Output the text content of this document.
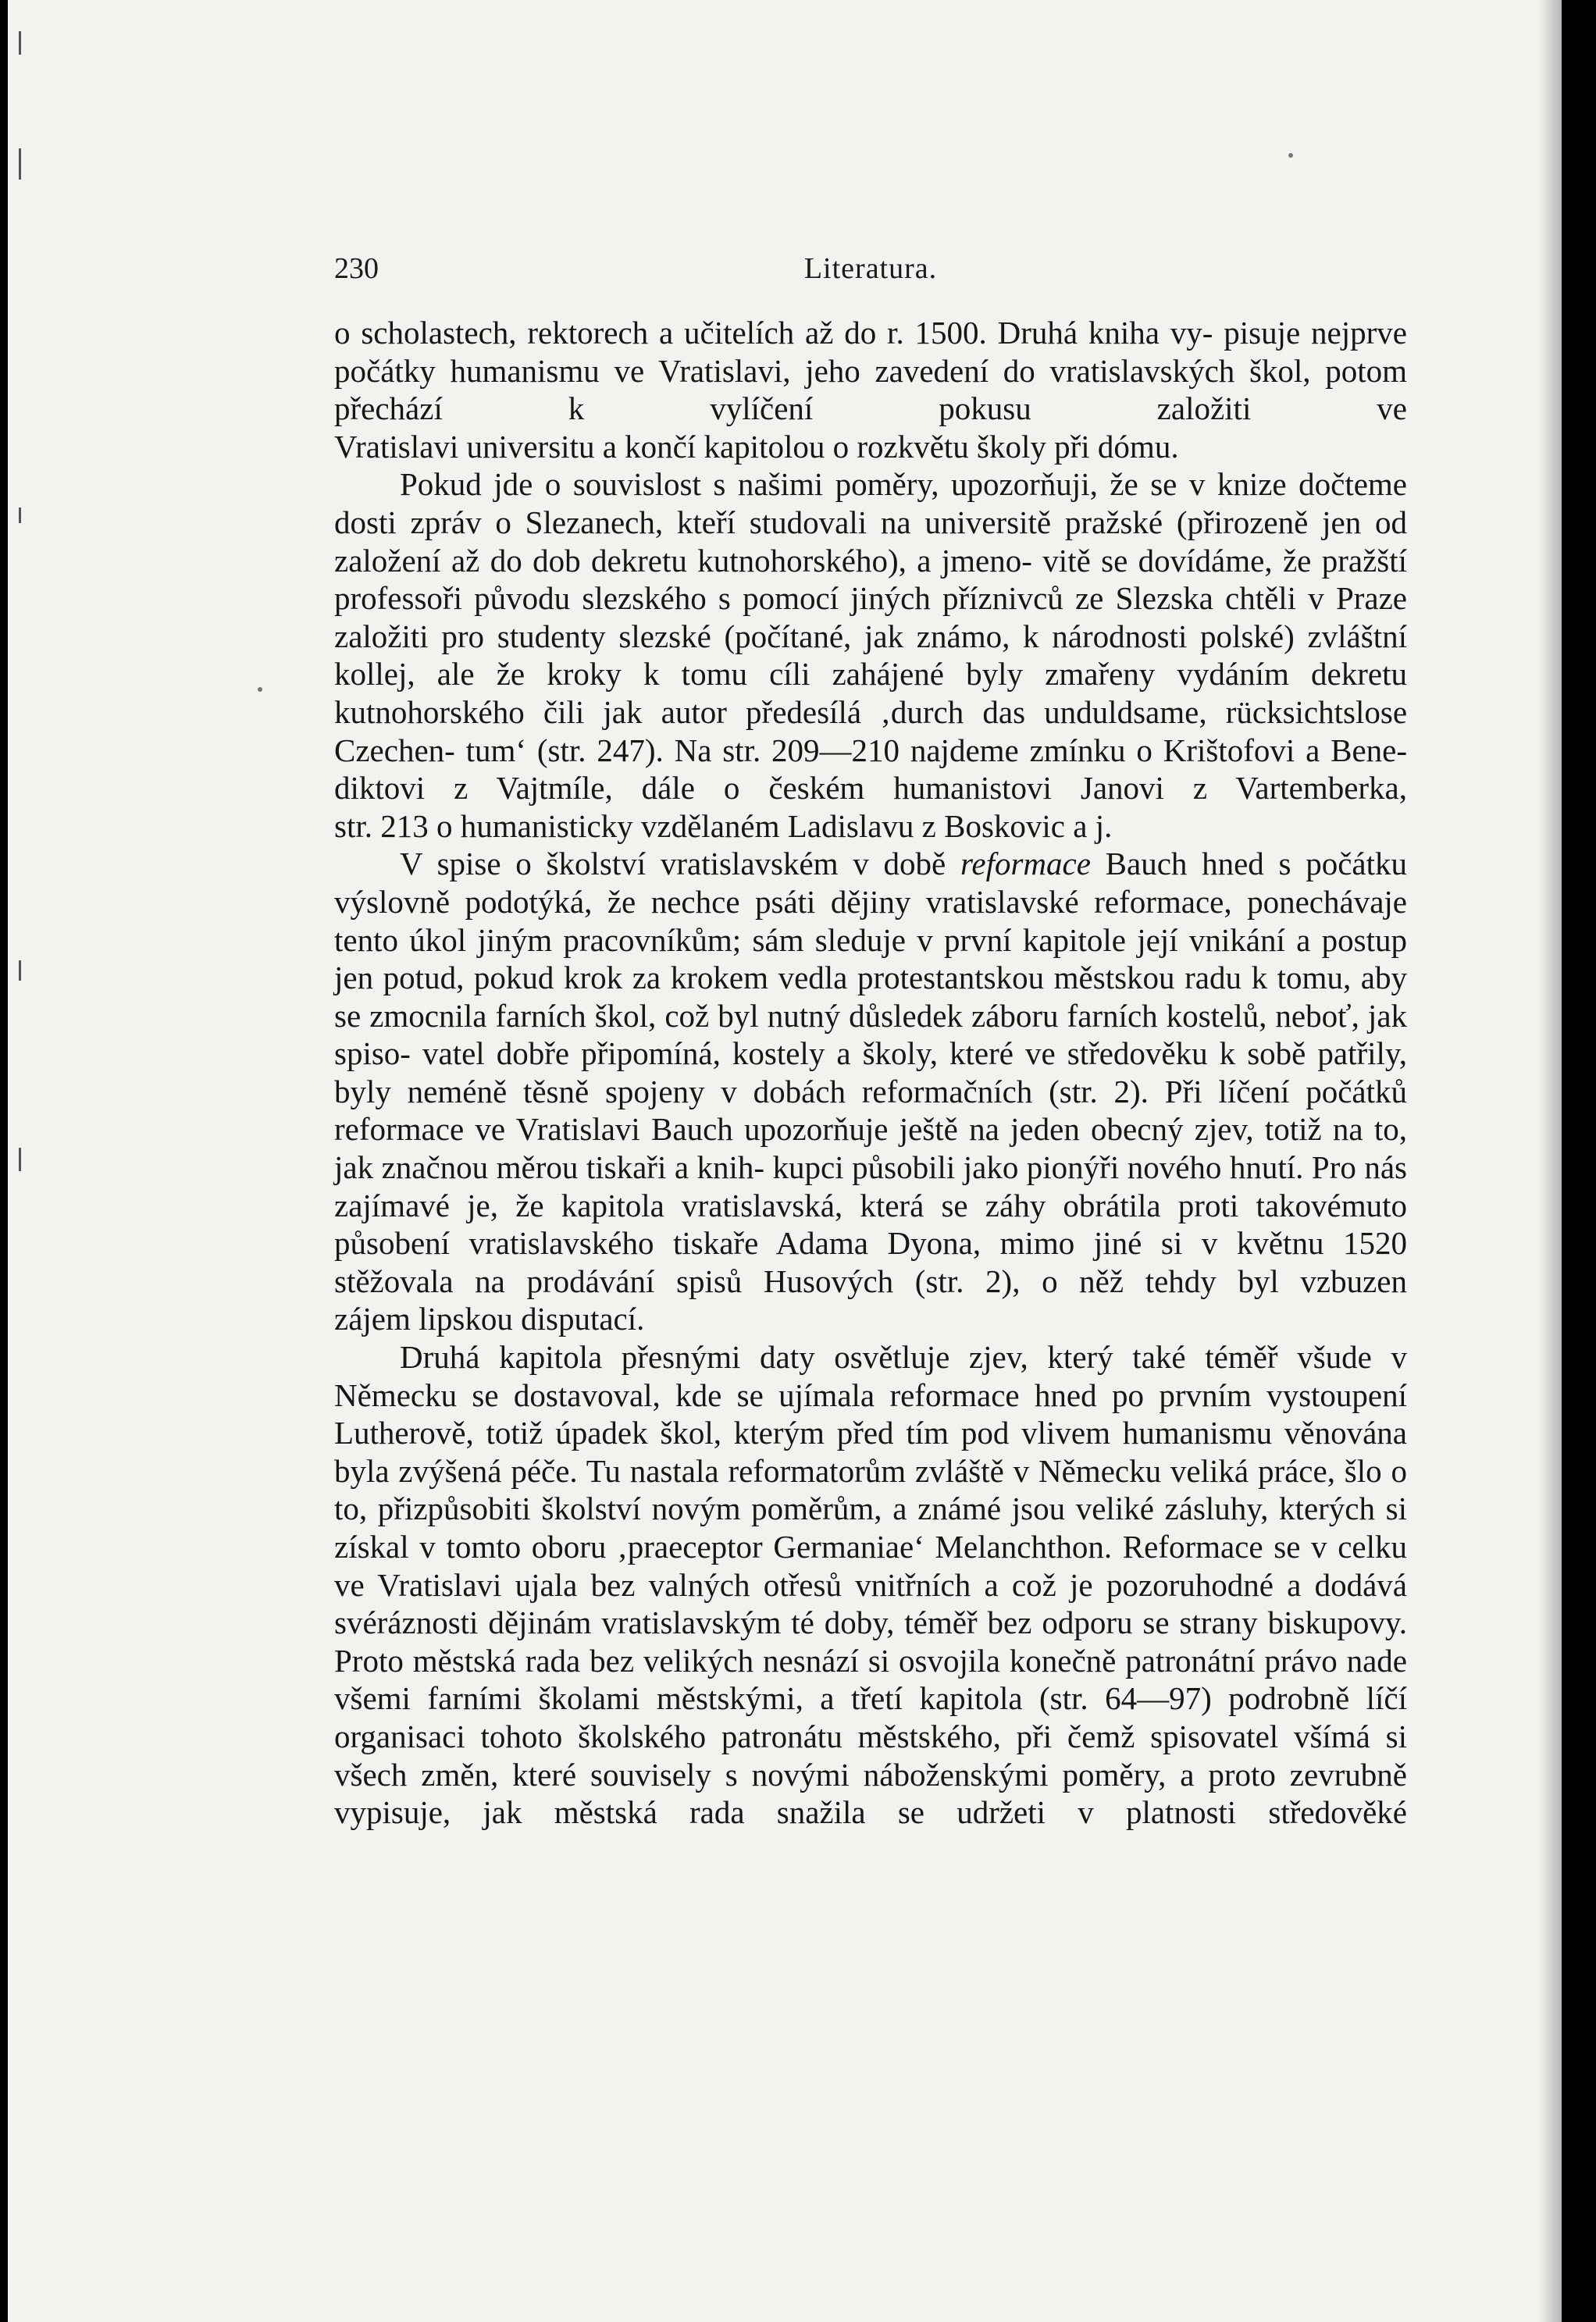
230	Literatura.

o scholastech, rektorech a učitelích až do r. 1500. Druhá kniha vy- pisuje nejprve počátky humanismu ve Vratislavi, jeho zavedení do vratislavských škol, potom přechází k vylíčení pokusu založiti ve

Vratislavi universitu a končí kapitolou o rozkvětu školy při dómu.

Pokud jde o souvislost s našimi poměry, upozorňuji, že se v knize dočteme dosti zpráv o Slezanech, kteří studovali na universitě pražské (přirozeně jen od založení až do dob dekretu kutnohorského), a jmeno- vitě se dovídáme, že pražští professoři původu slezského s pomocí jiných příznivců ze Slezska chtěli v Praze založiti pro studenty slezské (počítané, jak známo, k národnosti polské) zvláštní kollej, ale že kroky k tomu cíli zahájené byly zmařeny vydáním dekretu kutnohorského čili jak autor předesílá ‚durch das unduldsame, rücksichtslose Czechen- tum‘ (str. 247). Na str. 209—210 najdeme zmínku o Krištofovi a Bene- diktovi z Vajtmíle, dále o českém humanistovi Janovi z Vartemberka,

str. 213 o humanisticky vzdělaném Ladislavu z Boskovic a j.

V spise o školství vratislavském v době reformace Bauch hned s počátku výslovně podotýká, že nechce psáti dějiny vratislavské reformace, ponechávaje tento úkol jiným pracovníkům; sám sleduje v první kapitole její vnikání a postup jen potud, pokud krok za krokem vedla protestantskou městskou radu k tomu, aby se zmocnila farních škol, což byl nutný důsledek záboru farních kostelů, neboť, jak spiso- vatel dobře připomíná, kostely a školy, které ve středověku k sobě patřily, byly neméně těsně spojeny v dobách reformačních (str. 2). Při líčení počátků reformace ve Vratislavi Bauch upozorňuje ještě na jeden obecný zjev, totiž na to, jak značnou měrou tiskaři a knih- kupci působili jako pionýři nového hnutí. Pro nás zajímavé je, že kapitola vratislavská, která se záhy obrátila proti takovémuto působení vratislavského tiskaře Adama Dyona, mimo jiné si v květnu 1520 stěžovala na prodávání spisů Husových (str. 2), o něž tehdy byl vzbuzen

zájem lipskou disputací.

Druhá kapitola přesnými daty osvětluje zjev, který také téměř všude v Německu se dostavoval, kde se ujímala reformace hned po prvním vystoupení Lutherově, totiž úpadek škol, kterým před tím pod vlivem humanismu věnována byla zvýšená péče. Tu nastala reformatorům zvláště v Německu veliká práce, šlo o to, přizpůsobiti školství novým poměrům, a známé jsou veliké zásluhy, kterých si získal v tomto oboru ‚praeceptor Germaniae‘ Melanchthon. Reformace se v celku ve Vratislavi ujala bez valných otřesů vnitřních a což je pozoruhodné a dodává svéráznosti dějinám vratislavským té doby, téměř bez odporu se strany biskupovy. Proto městská rada bez velikých nesnází si osvojila konečně patronátní právo nade všemi farními školami městskými, a třetí kapitola (str. 64—97) podrobně líčí organisaci tohoto školského patronátu městského, při čemž spisovatel všímá si všech změn, které souvisely s novými náboženskými poměry, a proto zevrubně vypisuje, jak městská rada snažila se udržeti v platnosti středověké
